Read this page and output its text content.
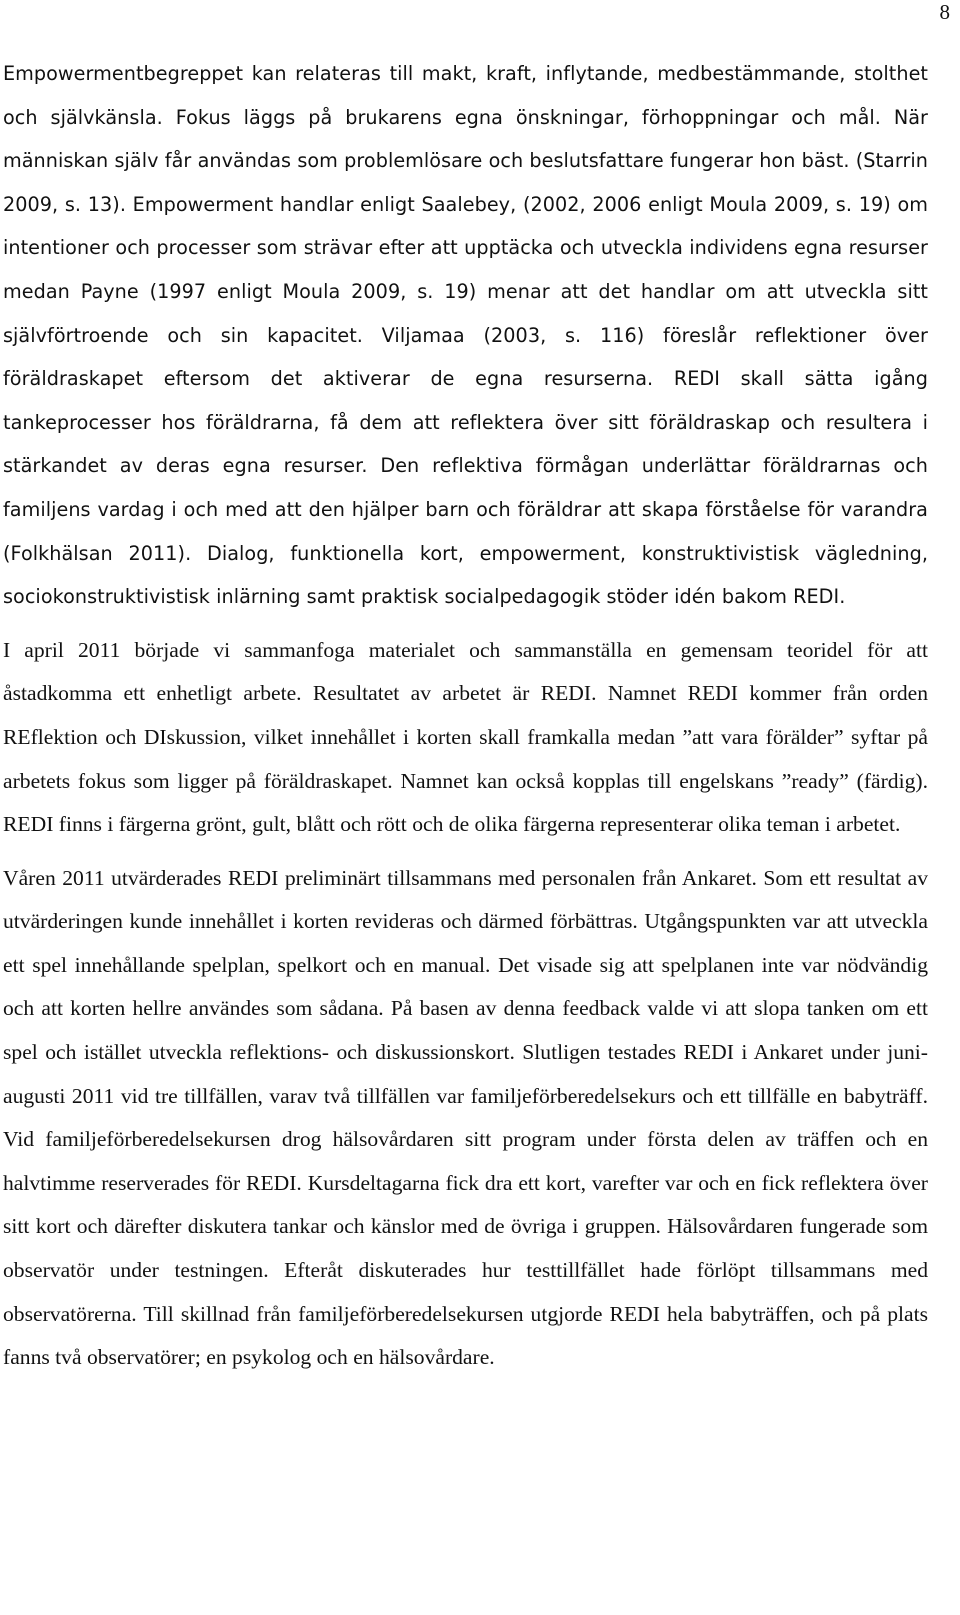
8

Empowermentbegreppet kan relateras till makt, kraft, inflytande, medbestämmande, stolthet och självkänsla. Fokus läggs på brukarens egna önskningar, förhoppningar och mål. När människan själv får användas som problemlösare och beslutsfattare fungerar hon bäst. (Starrin 2009, s. 13). Empowerment handlar enligt Saalebey, (2002, 2006 enligt Moula 2009, s. 19) om intentioner och processer som strävar efter att upptäcka och utveckla individens egna resurser medan Payne (1997 enligt Moula 2009, s. 19) menar att det handlar om att utveckla sitt självförtroende och sin kapacitet. Viljamaa (2003, s. 116) föreslår reflektioner över föräldraskapet eftersom det aktiverar de egna resurserna. REDI skall sätta igång tankeprocesser hos föräldrarna, få dem att reflektera över sitt föräldraskap och resultera i stärkandet av deras egna resurser. Den reflektiva förmågan underlättar föräldrarnas och familjens vardag i och med att den hjälper barn och föräldrar att skapa förståelse för varandra (Folkhälsan 2011). Dialog, funktionella kort, empowerment, konstruktivistisk vägledning, sociokonstruktivistisk inlärning samt praktisk socialpedagogik stöder idén bakom REDI.

I april 2011 började vi sammanfoga materialet och sammanställa en gemensam teoridel för att åstadkomma ett enhetligt arbete. Resultatet av arbetet är REDI. Namnet REDI kommer från orden REflektion och DIskussion, vilket innehållet i korten skall framkalla medan ”att vara förälder” syftar på arbetets fokus som ligger på föräldraskapet. Namnet kan också kopplas till engelskans ”ready” (färdig). REDI finns i färgerna grönt, gult, blått och rött och de olika färgerna representerar olika teman i arbetet.

Våren 2011 utvärderades REDI preliminärt tillsammans med personalen från Ankaret. Som ett resultat av utvärderingen kunde innehållet i korten revideras och därmed förbättras. Utgångspunkten var att utveckla ett spel innehållande spelplan, spelkort och en manual. Det visade sig att spelplanen inte var nödvändig och att korten hellre användes som sådana. På basen av denna feedback valde vi att slopa tanken om ett spel och istället utveckla reflektions- och diskussionskort. Slutligen testades REDI i Ankaret under juni-augusti 2011 vid tre tillfällen, varav två tillfällen var familjeförberedelsekurs och ett tillfälle en babyträff. Vid familjeförberedelsekursen drog hälsovårdaren sitt program under första delen av träffen och en halvtimme reserverades för REDI. Kursdeltagarna fick dra ett kort, varefter var och en fick reflektera över sitt kort och därefter diskutera tankar och känslor med de övriga i gruppen. Hälsovårdaren fungerade som observatör under testningen. Efteråt diskuterades hur testtillfället hade förlöpt tillsammans med observatörerna. Till skillnad från familjeförberedelsekursen utgjorde REDI hela babyträffen, och på plats fanns två observatörer; en psykolog och en hälsovårdare.
